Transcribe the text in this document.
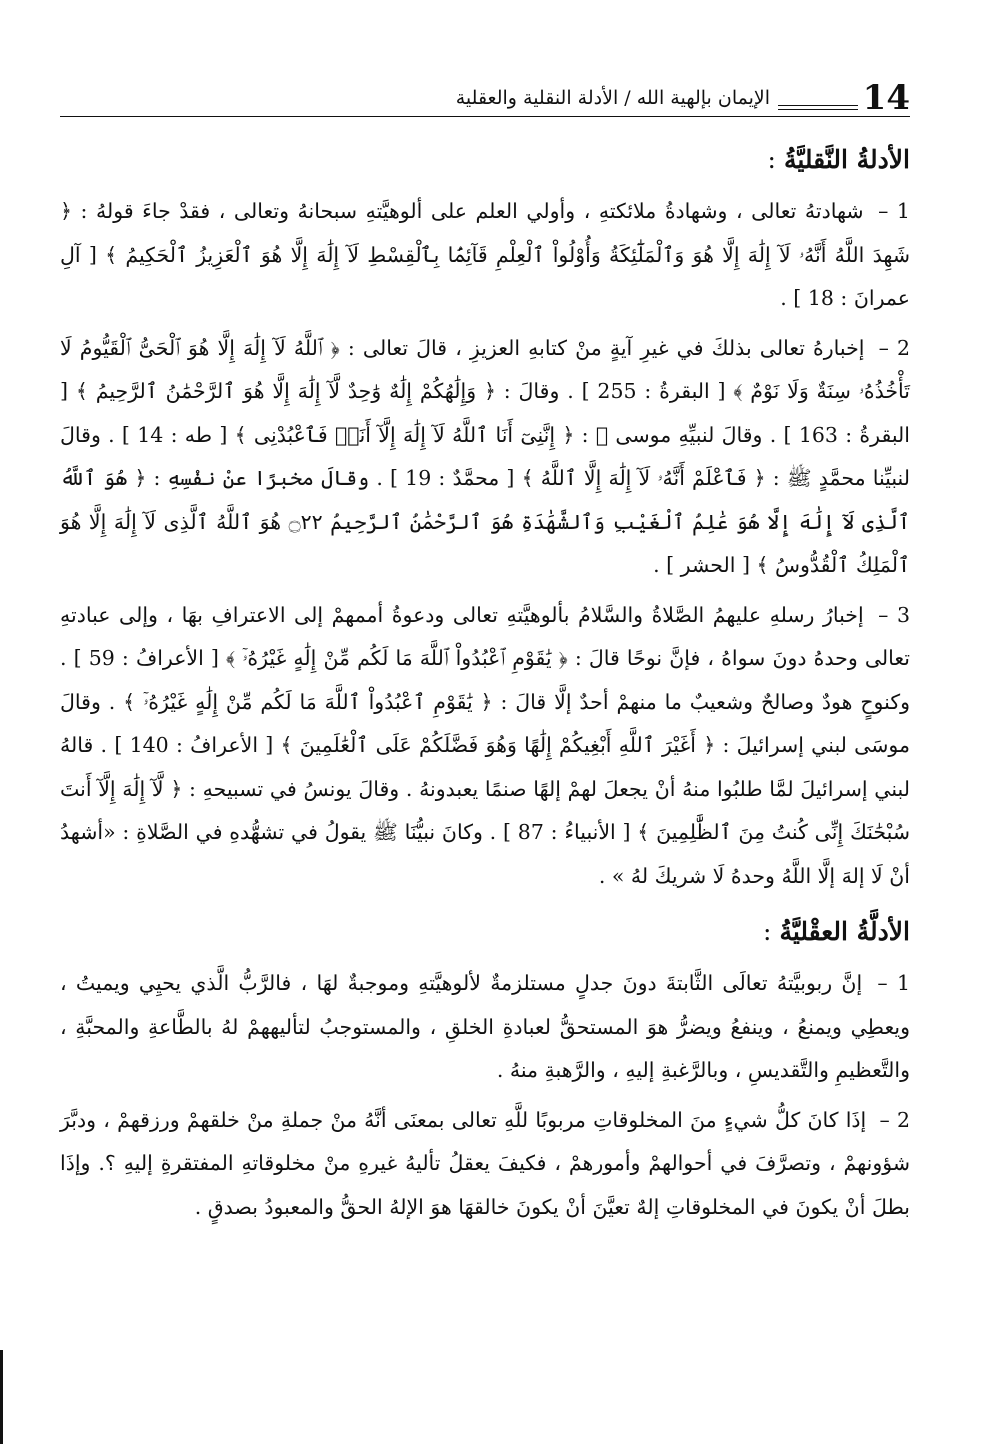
14
الإيمان بإلهية الله / الأدلة النقلية والعقلية
الأدلةُ النَّقليَّةُ:

1 – شهادتهُ تعالى ، وشهادةُ ملائكتهِ ، وأولي العلم على ألوهيَّتهِ سبحانهُ وتعالى ، فقدْ جاءَ قولهُ : ﴿ شَهِدَ اللَّهُ أَنَّهُۥ لَآ إِلَٰهَ إِلَّا هُوَ وَٱلْمَلَٰٓئِكَةُ وَأُوْلُواْ ٱلْعِلْمِ قَآئِمَۢا بِٱلْقِسْطِ لَآ إِلَٰهَ إِلَّا هُوَ ٱلْعَزِيزُ ٱلْحَكِيمُ ﴾ [ آلِ عمرانَ : 18 ] .

2 – إخبارهُ تعالى بذلكَ في غيرِ آيةٍ منْ كتابهِ العزيزِ ، قالَ تعالى : ﴿ ٱللَّهُ لَآ إِلَٰهَ إِلَّا هُوَ ٱلْحَىُّ ٱلْقَيُّومُ لَا تَأْخُذُهُۥ سِنَةٌ وَلَا نَوْمٌ ﴾ [ البقرةُ : 255 ] . وقالَ : ﴿ وَإِلَٰهُكُمْ إِلَٰهٌ وَٰحِدٌ لَّآ إِلَٰهَ إِلَّا هُوَ ٱلرَّحْمَٰنُ ٱلرَّحِيمُ ﴾ [ البقرةُ : 163 ] . وقالَ لنبيِّهِ موسى ﷺ : ﴿ إِنَّنِىٓ أَنَا ٱللَّهُ لَآ إِلَٰهَ إِلَّآ أَنَا۠ فَٱعْبُدْنِى ﴾ [ طه : 14 ] . وقالَ لنبيِّنا محمَّدٍ ﷺ : ﴿ فَٱعْلَمْ أَنَّهُۥ لَآ إِلَٰهَ إِلَّا ٱللَّهُ ﴾ [ محمَّدٌ : 19 ] . وقالَ مخبرًا عنْ نفْسِهِ : ﴿ هُوَ ٱللَّهُ ٱلَّذِى لَآ إِلَٰهَ إِلَّا هُوَ عَٰلِمُ ٱلْغَيْبِ وَٱلشَّهَٰدَةِ هُوَ ٱلرَّحْمَٰنُ ٱلرَّحِيمُ ۝٢٢ هُوَ ٱللَّهُ ٱلَّذِى لَآ إِلَٰهَ إِلَّا هُوَ ٱلْمَلِكُ ٱلْقُدُّوسُ ﴾ [ الحشر ] .

3 – إخبارُ رسلهِ عليهمُ الصَّلاةُ والسَّلامُ بألوهيَّتهِ تعالى ودعوةُ أممهمْ إلى الاعترافِ بهَا ، وإلى عبادتهِ تعالى وحدهُ دونَ سواهُ ، فإنَّ نوحًا قالَ : ﴿ يَٰقَوْمِ ٱعْبُدُواْ ٱللَّهَ مَا لَكُم مِّنْ إِلَٰهٍ غَيْرُهُۥٓ ﴾ [ الأعرافُ : 59 ] . وكنوحٍ هودٌ وصالحٌ وشعيبٌ ما منهمْ أحدٌ إلَّا قالَ : ﴿ يَٰقَوْمِ ٱعْبُدُواْ ٱللَّهَ مَا لَكُم مِّنْ إِلَٰهٍ غَيْرُهُۥٓ ﴾ . وقالَ موسَى لبني إسرائيلَ : ﴿ أَغَيْرَ ٱللَّهِ أَبْغِيكُمْ إِلَٰهًا وَهُوَ فَضَّلَكُمْ عَلَى ٱلْعَٰلَمِينَ ﴾ [ الأعرافُ : 140 ] . قالهُ لبني إسرائيلَ لمَّا طلبُوا منهُ أنْ يجعلَ لهمْ إلهًا صنمًا يعبدونهُ . وقالَ يونسُ في تسبيحهِ : ﴿ لَّآ إِلَٰهَ إِلَّآ أَنتَ سُبْحَٰنَكَ إِنِّى كُنتُ مِنَ ٱلظَّٰلِمِينَ ﴾ [ الأنبياءُ : 87 ] . وكانَ نبيُّنَا ﷺ يقولُ في تشهُّدهِ في الصَّلاةِ : «أشهدُ أنْ لَا إلهَ إلَّا اللَّهُ وحدهُ لَا شريكَ لهُ » .

الأدلَّةُ العقْليَّةُ:

1 – إنَّ ربوبيَّتهُ تعالَى الثَّابتةَ دونَ جدلٍ مستلزمةٌ لألوهيَّتهِ وموجبةٌ لهَا ، فالرَّبُّ الَّذي يحيِي ويميتُ ، ويعطِي ويمنعُ ، وينفعُ ويضرُّ هوَ المستحقُّ لعبادةِ الخلقِ ، والمستوجبُ لتأليههمْ لهُ بالطَّاعةِ والمحبَّةِ ، والتَّعظيمِ والتَّقديسِ ، وبالرَّغبةِ إليهِ ، والرَّهبةِ منهُ .

2 – إذَا كانَ كلُّ شيءٍ منَ المخلوقاتِ مربوبًا للَّهِ تعالى بمعنَى أنَّهُ منْ جملةِ منْ خلقهمْ ورزقهمْ ، ودبَّرَ شؤونهمْ ، وتصرَّفَ في أحوالهمْ وأمورهمْ ، فكيفَ يعقلُ تأليهُ غيرهِ منْ مخلوقاتهِ المفتقرةِ إليهِ ؟. وإذَا بطلَ أنْ يكونَ في المخلوقاتِ إلهٌ تعيَّنَ أنْ يكونَ خالقهَا هوَ الإلهُ الحقُّ والمعبودُ بصدقٍ .
